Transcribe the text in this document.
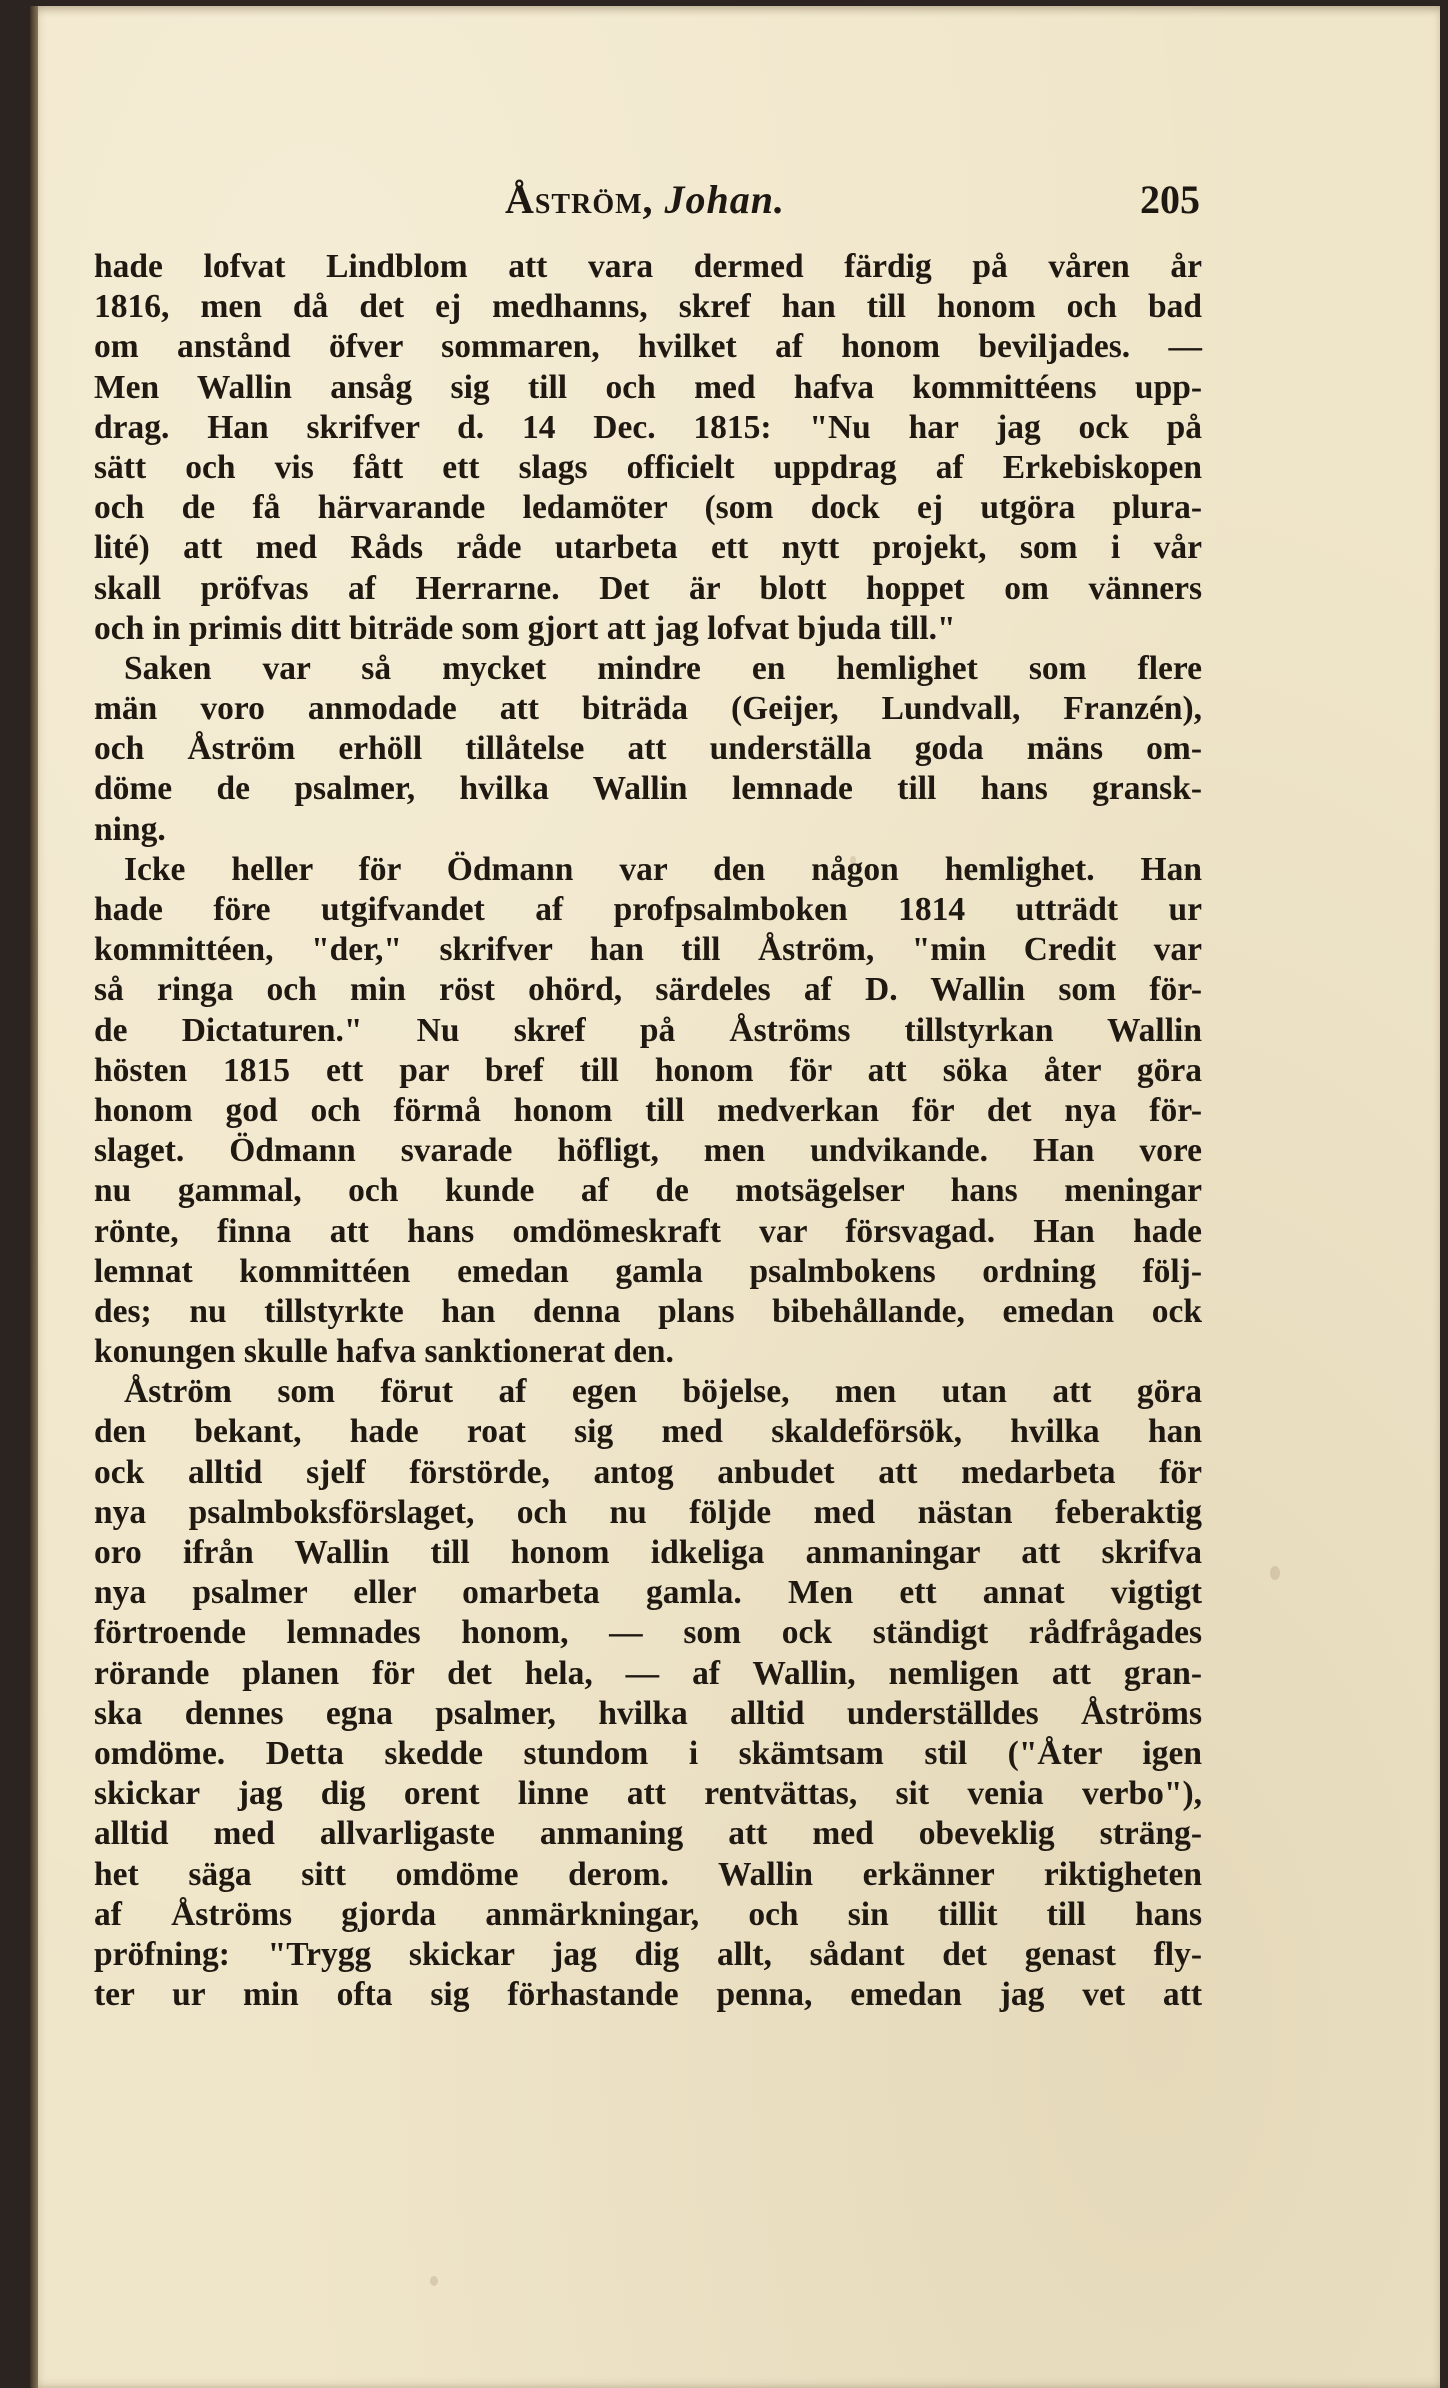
Åström, Johan.	205
hade lofvat Lindblom att vara dermed färdig på våren år
1816, men då det ej medhanns, skref han till honom och bad
om anstånd öfver sommaren, hvilket af honom beviljades. —
Men Wallin ansåg sig till och med hafva kommittéens upp-
drag. Han skrifver d. 14 Dec. 1815: "Nu har jag ock på
sätt och vis fått ett slags officielt uppdrag af Erkebiskopen
och de få härvarande ledamöter (som dock ej utgöra plura-
lité) att med Råds råde utarbeta ett nytt projekt, som i vår
skall pröfvas af Herrarne. Det är blott hoppet om vänners
och in primis ditt biträde som gjort att jag lofvat bjuda till."
Saken var så mycket mindre en hemlighet som flere
män voro anmodade att biträda (Geijer, Lundvall, Franzén),
och Åström erhöll tillåtelse att underställa goda mäns om-
döme de psalmer, hvilka Wallin lemnade till hans gransk-
ning.
Icke heller för Ödmann var den någon hemlighet. Han
hade före utgifvandet af profpsalmboken 1814 utträdt ur
kommittéen, "der," skrifver han till Åström, "min Credit var
så ringa och min röst ohörd, särdeles af D. Wallin som för-
de Dictaturen." Nu skref på Åströms tillstyrkan Wallin
hösten 1815 ett par bref till honom för att söka åter göra
honom god och förmå honom till medverkan för det nya för-
slaget. Ödmann svarade höfligt, men undvikande. Han vore
nu gammal, och kunde af de motsägelser hans meningar
rönte, finna att hans omdömeskraft var försvagad. Han hade
lemnat kommittéen emedan gamla psalmbokens ordning följ-
des; nu tillstyrkte han denna plans bibehållande, emedan ock
konungen skulle hafva sanktionerat den.
Åström som förut af egen böjelse, men utan att göra
den bekant, hade roat sig med skaldeförsök, hvilka han
ock alltid sjelf förstörde, antog anbudet att medarbeta för
nya psalmboksförslaget, och nu följde med nästan feberaktig
oro ifrån Wallin till honom idkeliga anmaningar att skrifva
nya psalmer eller omarbeta gamla. Men ett annat vigtigt
förtroende lemnades honom, — som ock ständigt rådfrågades
rörande planen för det hela, — af Wallin, nemligen att gran-
ska dennes egna psalmer, hvilka alltid underställdes Åströms
omdöme. Detta skedde stundom i skämtsam stil ("Åter igen
skickar jag dig orent linne att rentvättas, sit venia verbo"),
alltid med allvarligaste anmaning att med obeveklig sträng-
het säga sitt omdöme derom. Wallin erkänner riktigheten
af Åströms gjorda anmärkningar, och sin tillit till hans
pröfning: "Trygg skickar jag dig allt, sådant det genast fly-
ter ur min ofta sig förhastande penna, emedan jag vet att
